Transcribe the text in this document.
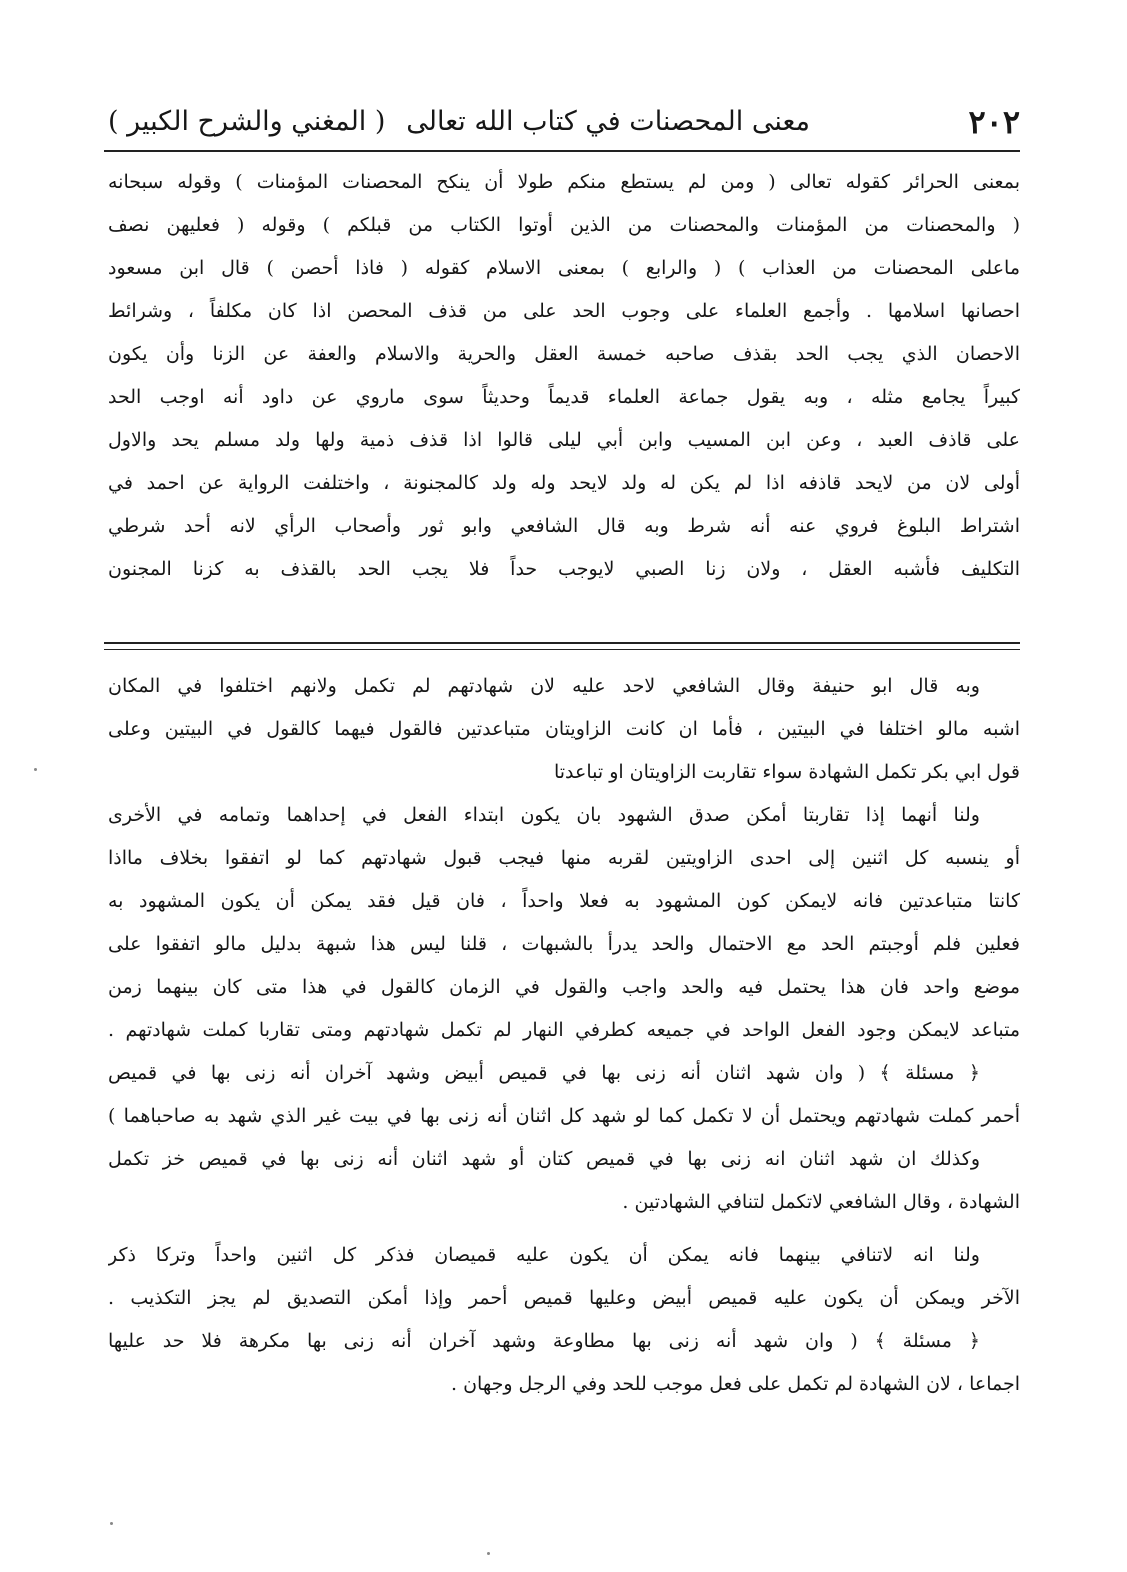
٢٠٢
معنى المحصنات في كتاب الله تعالى
( المغني والشرح الكبير )
بمعنى الحرائر كقوله تعالى ( ومن لم يستطع منكم طولا أن ينكح المحصنات المؤمنات ) وقوله سبحانه
( والمحصنات من المؤمنات والمحصنات من الذين أوتوا الكتاب من قبلكم ) وقوله ( فعليهن نصف
ماعلى المحصنات من العذاب ) ( والرابع ) بمعنى الاسلام كقوله ( فاذا أحصن ) قال ابن مسعود
احصانها اسلامها . وأجمع العلماء على وجوب الحد على من قذف المحصن اذا كان مكلفاً ، وشرائط
الاحصان الذي يجب الحد بقذف صاحبه خمسة العقل والحرية والاسلام والعفة عن الزنا وأن يكون
كبيراً يجامع مثله ، وبه يقول جماعة العلماء قديماً وحديثاً سوى ماروي عن داود أنه اوجب الحد
على قاذف العبد ، وعن ابن المسيب وابن أبي ليلى قالوا اذا قذف ذمية ولها ولد مسلم يحد والاول
أولى لان من لايحد قاذفه اذا لم يكن له ولد لايحد وله ولد كالمجنونة ، واختلفت الرواية عن احمد في
اشتراط البلوغ فروي عنه أنه شرط وبه قال الشافعي وابو ثور وأصحاب الرأي لانه أحد شرطي
التكليف فأشبه العقل ، ولان زنا الصبي لايوجب حداً فلا يجب الحد بالقذف به كزنا المجنون
وبه قال ابو حنيفة وقال الشافعي لاحد عليه لان شهادتهم لم تكمل ولانهم اختلفوا في المكان
اشبه مالو اختلفا في البيتين ، فأما ان كانت الزاويتان متباعدتين فالقول فيهما كالقول في البيتين وعلى
قول ابي بكر تكمل الشهادة سواء تقاربت الزاويتان او تباعدتا
ولنا أنهما إذا تقاربتا أمكن صدق الشهود بان يكون ابتداء الفعل في إحداهما وتمامه في الأخرى
أو ينسبه كل اثنين إلى احدى الزاويتين لقربه منها فيجب قبول شهادتهم كما لو اتفقوا بخلاف مااذا
كانتا متباعدتين فانه لايمكن كون المشهود به فعلا واحداً ، فان قيل فقد يمكن أن يكون المشهود به
فعلين فلم أوجبتم الحد مع الاحتمال والحد يدرأ بالشبهات ، قلنا ليس هذا شبهة بدليل مالو اتفقوا على
موضع واحد فان هذا يحتمل فيه والحد واجب والقول في الزمان كالقول في هذا متى كان بينهما زمن
متباعد لايمكن وجود الفعل الواحد في جميعه كطرفي النهار لم تكمل شهادتهم ومتى تقاربا كملت شهادتهم .
﴿ مسئلة ﴾ ( وان شهد اثنان أنه زنى بها في قميص أبيض وشهد آخران أنه زنى بها في قميص
أحمر كملت شهادتهم ويحتمل أن لا تكمل كما لو شهد كل اثنان أنه زنى بها في بيت غير الذي شهد به صاحباهما )
وكذلك ان شهد اثنان انه زنى بها في قميص كتان أو شهد اثنان أنه زنى بها في قميص خز تكمل
الشهادة ، وقال الشافعي لاتكمل لتنافي الشهادتين .
ولنا انه لاتنافي بينهما فانه يمكن أن يكون عليه قميصان فذكر كل اثنين واحداً وتركا ذكر
الآخر ويمكن أن يكون عليه قميص أبيض وعليها قميص أحمر وإذا أمكن التصديق لم يجز التكذيب .
﴿ مسئلة ﴾ ( وان شهد أنه زنى بها مطاوعة وشهد آخران أنه زنى بها مكرهة فلا حد عليها
اجماعا ، لان الشهادة لم تكمل على فعل موجب للحد وفي الرجل وجهان .
